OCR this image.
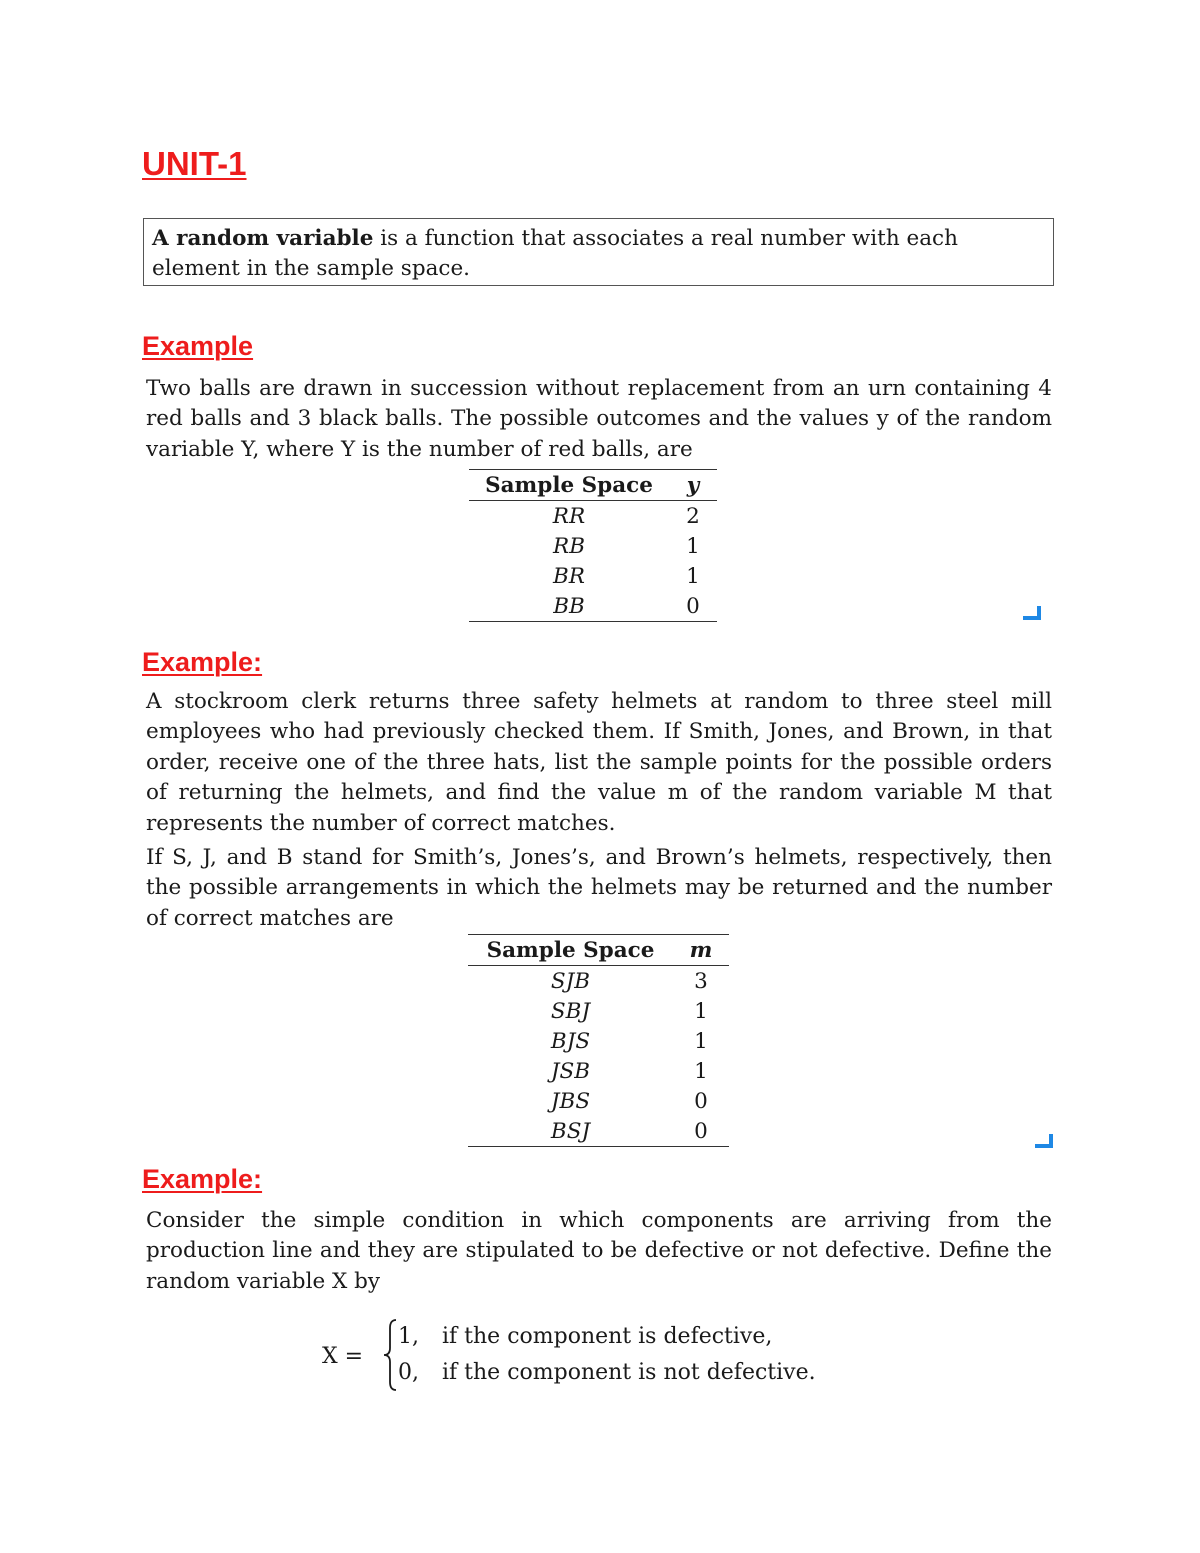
UNIT-1
A random variable is a function that associates a real number with each element in the sample space.
Example

Two balls are drawn in succession without replacement from an urn containing 4 red balls and 3 black balls. The possible outcomes and the values y of the random variable Y, where Y is the number of red balls, are

Sample Space	y
RR	2
RB	1
BR	1
BB	0
Example:

A stockroom clerk returns three safety helmets at random to three steel mill employees who had previously checked them. If Smith, Jones, and Brown, in that order, receive one of the three hats, list the sample points for the possible orders of returning the helmets, and find the value m of the random variable M that represents the number of correct matches.

If S, J, and B stand for Smith’s, Jones’s, and Brown’s helmets, respectively, then the possible arrangements in which the helmets may be returned and the number of correct matches are

Sample Space	m
SJB	3
SBJ	1
BJS	1
JSB	1
JBS	0
BSJ	0
Example:

Consider the simple condition in which components are arriving from the production line and they are stipulated to be defective or not defective. Define the random variable X by

X =
1, if the component is defective,
0, if the component is not defective.
